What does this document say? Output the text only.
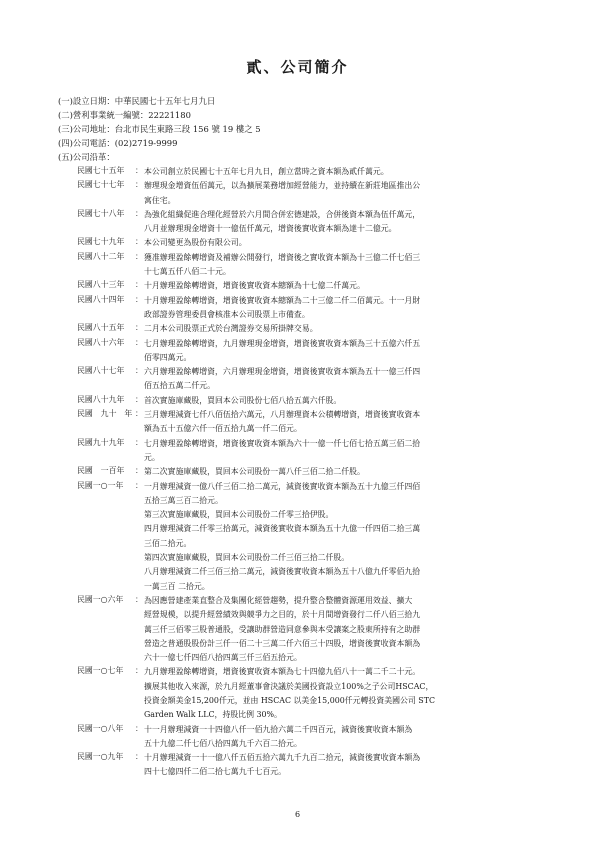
貳、公司簡介
(一)設立日期：中華民國七十五年七月九日
(二)營利事業統一編號：22221180
(三)公司地址：台北市民生東路三段 156 號 19 樓之 5
(四)公司電話：(02)2719-9999
(五)公司沿革：
民國七十五年	： 本公司創立於民國七十五年七月九日，創立當時之資本額為貳仟萬元。
民國七十七年	： 辦理現金增資伍佰萬元，以為擴展業務增加經營能力，並持續在新莊地區推出公
寓住宅。
民國七十八年	： 為強化組織促進合理化經營於六月間合併宏德建設，合併後資本額為伍仟萬元，
八月並辦理現金增資十一億伍仟萬元，增資後實收資本額為達十二億元。
民國七十九年	： 本公司變更為股份有限公司。
民國八十二年	： 獲准辦理盈餘轉增資及補辦公開發行，增資後之實收資本額為十三億二仟七佰三
十七萬五仟八佰二十元。
民國八十三年	： 十月辦理盈餘轉增資，增資後實收資本總額為十七億二仟萬元。
民國八十四年	： 十月辦理盈餘轉增資，增資後實收資本總額為二十三億二仟二佰萬元。十一月財
政部證券管理委員會核准本公司股票上市備查。
民國八十五年	： 二月本公司股票正式於台灣證券交易所掛牌交易。
民國八十六年	： 七月辦理盈餘轉增資，九月辦理現金增資，增資後實收資本額為三十五億六仟五
佰零四萬元。
民國八十七年	： 六月辦理盈餘轉增資，六月辦理現金增資，增資後實收資本額為五十一億三仟四
佰五拾五萬二仟元。
民國八十九年	： 首次實施庫藏股，買回本公司股份七佰八拾五萬六仟股。
民國　九十　年 ： 三月辦理減資七仟八佰伍拾六萬元，八月辦理資本公積轉增資，增資後實收資本
額為五十五億六仟一佰五拾九萬一仟二佰元。
民國九十九年	： 七月辦理盈餘轉增資，增資後實收資本額為六十一億一仟七佰七拾五萬三佰二拾
元。
民國　一百年	： 第二次實施庫藏股，買回本公司股份一萬八仟三佰二拾二仟股。
民國一○一年	： 一月辦理減資一億八仟三佰二拾二萬元，減資後實收資本額為五十九億三仟四佰
五拾三萬三百二拾元。
第三次實施庫藏股，買回本公司股份二仟零三拾伊股。
四月辦理減資二仟零三拾萬元，減資後實收資本額為五十九億一仟四佰二拾三萬
三佰二拾元。
第四次實施庫藏股，買回本公司股份二仟三佰三拾二仟股。
八月辦理減資二仟三佰三拾二萬元，減資後實收資本額為五十八億九仟零佰九拾
一萬三百 二拾元。
民國一○六年	： 為因應營建產業直整合及集團化經營趨勢，提升整合整體資源運用效益、擴大
經營規模，以提升經營績效與競爭力之目的，於十月間增資發行二仟八佰三拾九
萬三仟三佰零三股普通股，受讓助群營造同意參與本受讓案之股東所持有之助群
營造之普通股股份計三仟一佰二十三萬二仟六佰三十四股，增資後實收資本額為
六十一億七仟四佰八拾四萬三仟三佰五拾元。
民國一○七年	： 九月辦理盈餘轉增資，增資後實收資本額為七十四億九佰八十一萬二千二十元。
擴展其他收入來源，於九月經董事會決議於美國投資設立100%之子公司HSCAC，
投資金額美金15,200仟元，並由 HSCAC 以美金15,000仟元轉投資美國公司 STC
Garden Walk LLC，持股比例 30%。
民國一○八年	： 十一月辦理減資一十四億八仟一佰九拾六萬二千四百元，減資後實收資本額為
五十九億二仟七佰八拾四萬九千六百二拾元。
民國一○九年	： 十月辦理減資一十一億八仟五佰五拾六萬九千九百二拾元，減資後實收資本額為
四十七億四仟二佰二拾七萬九千七百元。
6
